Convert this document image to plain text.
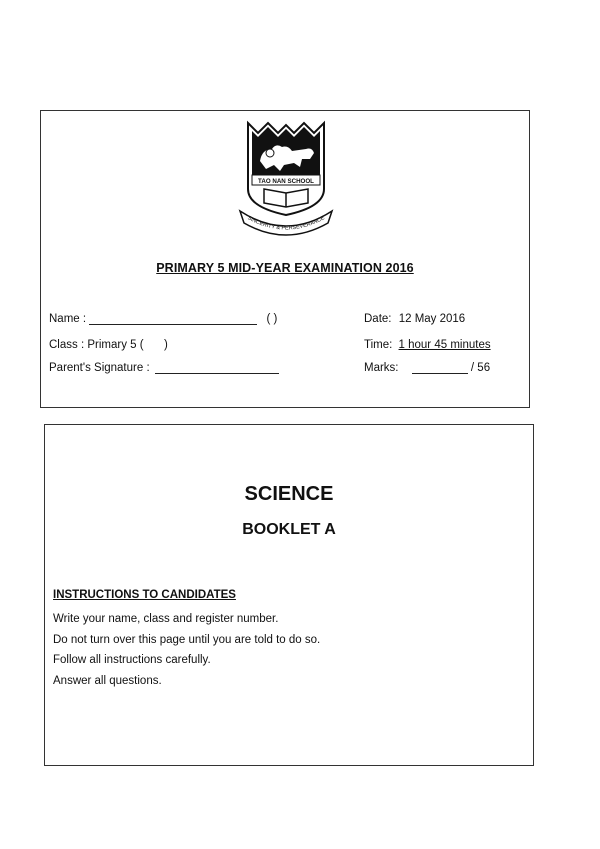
TAO NAN SCHOOL
SINCERITY & PERSEVERANCE
PRIMARY 5 MID-YEAR EXAMINATION 2016
Name :	( )
Class : Primary 5 ( )
Parent's Signature :
Date: 12 May 2016
Time: 1 hour 45 minutes
Marks:	/ 56
SCIENCE
BOOKLET A
INSTRUCTIONS TO CANDIDATES
Write your name, class and register number.
Do not turn over this page until you are told to do so.
Follow all instructions carefully.
Answer all questions.
